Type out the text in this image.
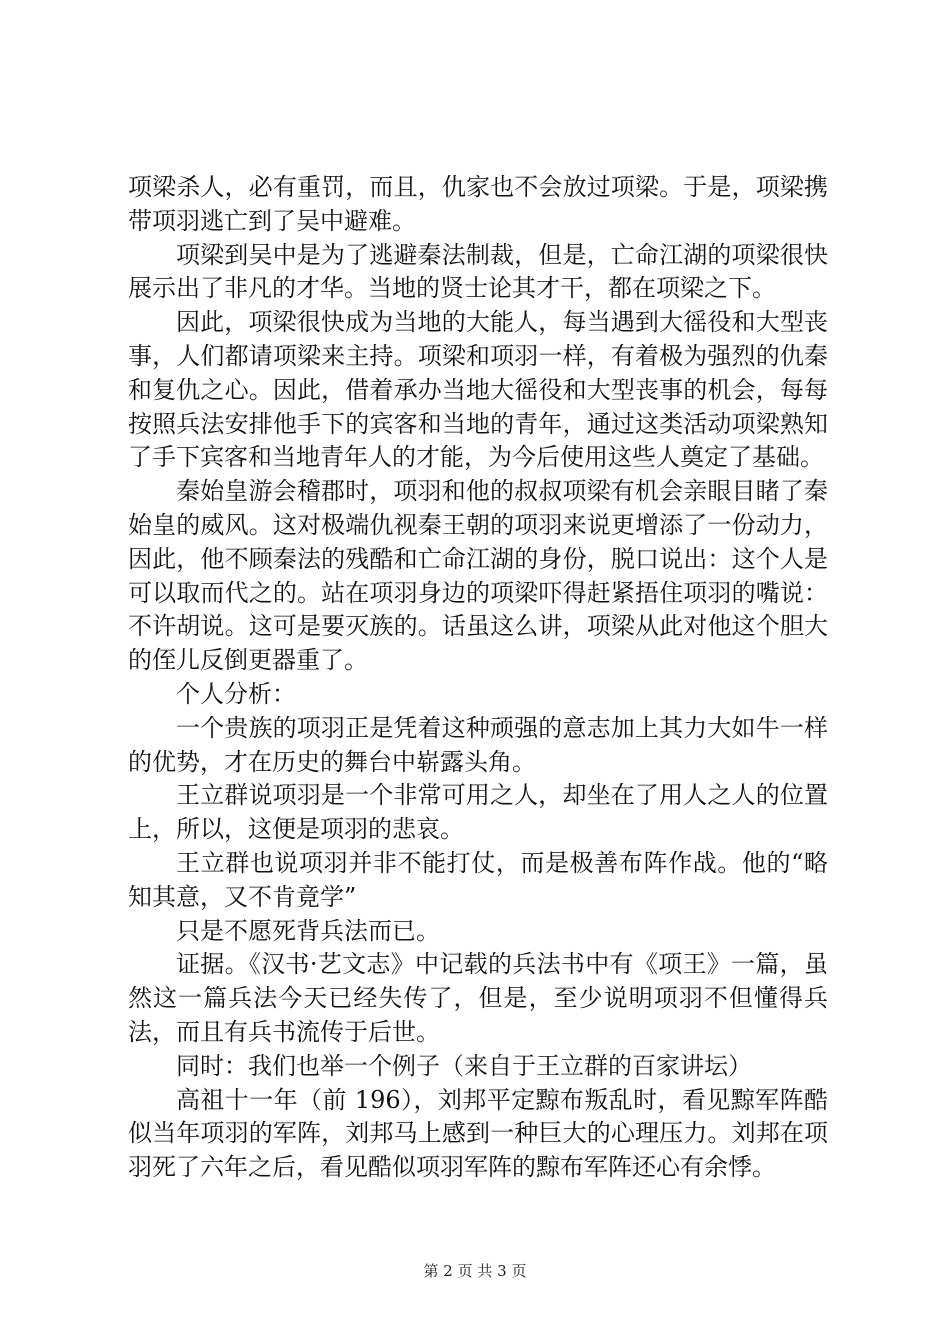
项梁杀人，必有重罚，而且，仇家也不会放过项梁。于是，项梁携带项羽逃亡到了吴中避难。

项梁到吴中是为了逃避秦法制裁，但是，亡命江湖的项梁很快展示出了非凡的才华。当地的贤士论其才干，都在项梁之下。

因此，项梁很快成为当地的大能人，每当遇到大徭役和大型丧事，人们都请项梁来主持。项梁和项羽一样，有着极为强烈的仇秦和复仇之心。因此，借着承办当地大徭役和大型丧事的机会，每每按照兵法安排他手下的宾客和当地的青年，通过这类活动项梁熟知了手下宾客和当地青年人的才能，为今后使用这些人奠定了基础。

秦始皇游会稽郡时，项羽和他的叔叔项梁有机会亲眼目睹了秦始皇的威风。这对极端仇视秦王朝的项羽来说更增添了一份动力，因此，他不顾秦法的残酷和亡命江湖的身份，脱口说出：这个人是可以取而代之的。站在项羽身边的项梁吓得赶紧捂住项羽的嘴说：不许胡说。这可是要灭族的。话虽这么讲，项梁从此对他这个胆大的侄儿反倒更器重了。

个人分析：

一个贵族的项羽正是凭着这种顽强的意志加上其力大如牛一样的优势，才在历史的舞台中崭露头角。

王立群说项羽是一个非常可用之人，却坐在了用人之人的位置上，所以，这便是项羽的悲哀。

王立群也说项羽并非不能打仗，而是极善布阵作战。他的“略知其意，又不肯竟学”

只是不愿死背兵法而已。

证据。《汉书·艺文志》中记载的兵法书中有《项王》一篇，虽然这一篇兵法今天已经失传了，但是，至少说明项羽不但懂得兵法，而且有兵书流传于后世。

同时：我们也举一个例子（来自于王立群的百家讲坛）

高祖十一年（前 196），刘邦平定黥布叛乱时，看见黥军阵酷似当年项羽的军阵，刘邦马上感到一种巨大的心理压力。刘邦在项羽死了六年之后，看见酷似项羽军阵的黥布军阵还心有余悸。

第 2 页 共 3 页
